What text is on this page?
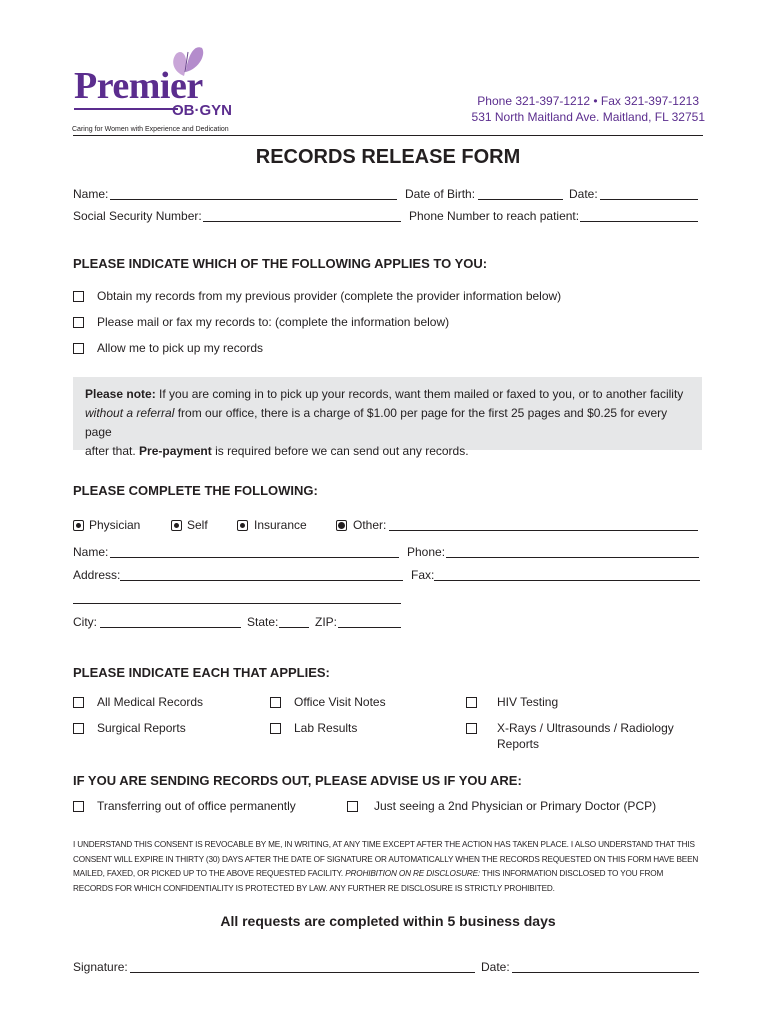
Premier
OB·GYN
Caring for Women with Experience and Dedication
Phone 321-397-1212 • Fax 321-397-1213
531 North Maitland Ave. Maitland, FL 32751
RECORDS RELEASE FORM
Name:	Date of Birth:	Date:
Social Security Number:	Phone Number to reach patient:
PLEASE INDICATE WHICH OF THE FOLLOWING APPLIES TO YOU:
Obtain my records from my previous provider (complete the provider information below)
Please mail or fax my records to: (complete the information below)
Allow me to pick up my records

Please note: If you are coming in to pick up your records, want them mailed or faxed to you, or to another facility
without a referral from our office, there is a charge of $1.00 per page for the first 25 pages and $0.25 for every page
after that. Pre-payment is required before we can send out any records.

PLEASE COMPLETE THE FOLLOWING:
Physician	Self	Insurance	Other:
Name:	Phone:
Address:	Fax:
City:	State:	ZIP:
PLEASE INDICATE EACH THAT APPLIES:
All Medical Records	Office Visit Notes	HIV Testing
Surgical Reports	Lab Results	X-Rays / Ultrasounds / Radiology
Reports
IF YOU ARE SENDING RECORDS OUT, PLEASE ADVISE US IF YOU ARE:
Transferring out of office permanently	Just seeing a 2nd Physician or Primary Doctor (PCP)
I UNDERSTAND THIS CONSENT IS REVOCABLE BY ME, IN WRITING, AT ANY TIME EXCEPT AFTER THE ACTION HAS TAKEN PLACE. I ALSO UNDERSTAND THAT THIS CONSENT WILL EXPIRE IN THIRTY (30) DAYS AFTER THE DATE OF SIGNATURE OR AUTOMATICALLY WHEN THE RECORDS REQUESTED ON THIS FORM HAVE BEEN MAILED, FAXED, OR PICKED UP TO THE ABOVE REQUESTED FACILITY. PROHIBITION ON RE DISCLOSURE: THIS INFORMATION DISCLOSED TO YOU FROM RECORDS FOR WHICH CONFIDENTIALITY IS PROTECTED BY LAW. ANY FURTHER RE DISCLOSURE IS STRICTLY PROHIBITED.
All requests are completed within 5 business days
Signature:	Date:
